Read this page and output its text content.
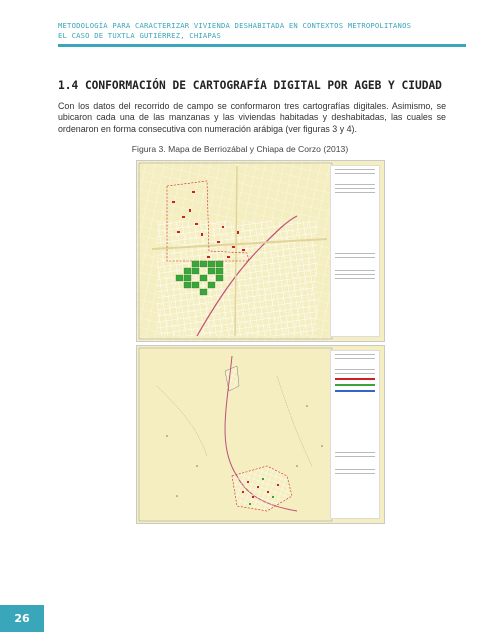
METODOLOGÍA PARA CARACTERIZAR VIVIENDA DESHABITADA EN CONTEXTOS METROPOLITANOS
EL CASO DE TUXTLA GUTIÉRREZ, CHIAPAS
1.4 CONFORMACIÓN DE CARTOGRAFÍA DIGITAL POR AGEB Y CIUDAD
Con los datos del recorrido de campo se conformaron tres cartografías digitales. Asimismo, se ubicaron cada una de las manzanas y las viviendas habitadas y deshabitadas, las cuales se ordenaron en forma consecutiva con numeración arábiga (ver figuras 3 y 4).
Figura 3. Mapa de Berriozábal y Chiapa de Corzo (2013)
26
